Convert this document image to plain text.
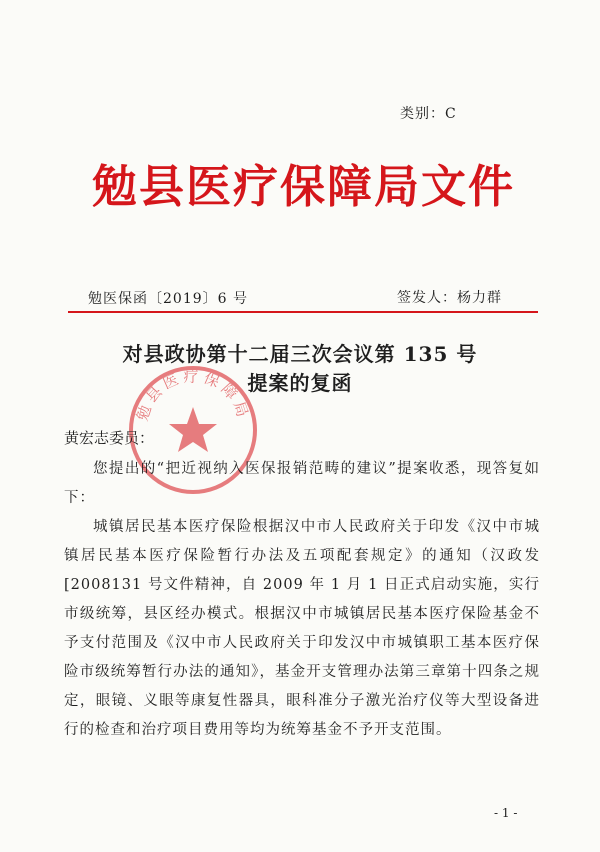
类别：C
勉县医疗保障局文件
勉医保函〔2019〕6 号	签发人：杨力群
对县政协第十二届三次会议第 135 号
提案的复函
勉县医疗保障局
黄宏志委员：

您提出的“把近视纳入医保报销范畴的建议”提案收悉，现答复如下：

城镇居民基本医疗保险根据汉中市人民政府关于印发《汉中市城镇居民基本医疗保险暂行办法及五项配套规定》的通知（汉政发[2008131 号文件精神，自 2009 年 1 月 1 日正式启动实施，实行市级统筹，县区经办模式。根据汉中市城镇居民基本医疗保险基金不予支付范围及《汉中市人民政府关于印发汉中市城镇职工基本医疗保险市级统筹暂行办法的通知》，基金开支管理办法第三章第十四条之规定，眼镜、义眼等康复性器具，眼科准分子激光治疗仪等大型设备进行的检查和治疗项目费用等均为统筹基金不予开支范围。

- 1 -
